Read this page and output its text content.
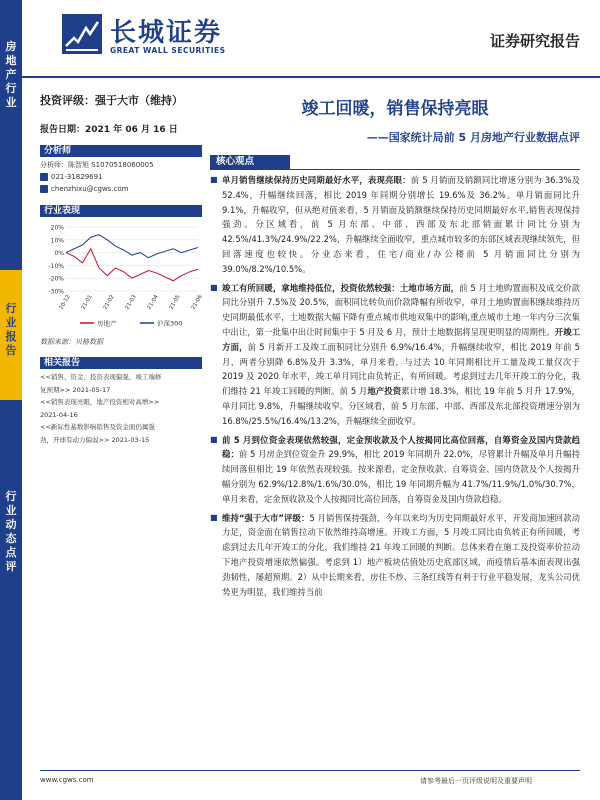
房地产行业
行业报告
行业动态点评
长城证券
GREAT WALL SECURITIES
证券研究报告
投资评级：强于大市（维持）
报告日期：2021 年 06 月 16 日
分析师
分析师：陈智旭 S1070518060005
021-31829691
chenzhixu@cgws.com
行业表现
20%
10%
0%
-10%
-20%
-30%
20-12 21-01 21-02 21-03 21-04 21-05 21-06
房地产	沪深300
数据来源：贝格数据
相关报告
<<销售、资金、投资表现偏强，竣工端修
复预期>> 2021-05-17
<<销售表现亮眼，地产投资相对高增>>
2021-04-16
<<新际性基数影响销售及资金面仍属强
劲，开球有动力偏弱>> 2021-03-15
竣工回暖，销售保持亮眼
——国家统计局前 5 月房地产行业数据点评
核心观点
■ 单月销售继续保持历史同期最好水平，表现亮眼：前 5 月销面及销额同比增速分别为 36.3%及 52.4%，升幅继续回落，相比 2019 年同期分别增长 19.6%及 36.2%。单月销面同比升 9.1%，升幅收窄，但从绝对值来看，5 月销面及销额继续保持历史同期最好水平,销售表现保持强劲。分区域看，前 5 月东部、中部、西部及东北部销面累计同比分别为 42.5%/41.3%/24.9%/22.2%，升幅继续全面收窄，重点城市较多的东部区域表现继续领先，但回落速度也较快。分业态来看，住宅/商业/办公楼前 5 月销面同比分别为 39.0%/8.2%/10.5%。
■ 竣工有所回暖，拿地维持低位，投资依然较强：土地市场方面，前 5 月土地购置面积及成交价款同比分别升 7.5%及 20.5%，面积同比转负而价款降幅有所收窄，单月土地购置面积继续维持历史同期最低水平，土地数据大幅下降有重点城市供地双集中的影响,重点城市土地一年内分三次集中出让，第一批集中出让时间集中于 5 月及 6 月，预计土地数据将呈现更明显的周期性。开竣工方面，前 5 月新开工及竣工面积同比分别升 6.9%/16.4%，升幅继续收窄，相比 2019 年前 5 月，两者分别降 6.8%及升 3.3%，单月来看，与过去 10 年同期相比开工量及竣工量仅次于 2019 及 2020 年水平，竣工单月同比由负转正，有所回暖。考虑到过去几年开竣工的分化，我们维持 21 年竣工回暖的判断。前 5 月地产投资累计增 18.3%，相比 19 年前 5 月升 17.9%，单月同比 9.8%，升幅继续收窄。分区域看，前 5 月东部、中部、西部及东北部投资增速分别为 16.8%/25.5%/16.4%/13.2%，升幅继续全面收窄。
■ 前 5 月到位资金表现依然较强，定金预收款及个人按揭同比高位回落，自筹资金及国内贷款趋稳：前 5 月房企到位资金升 29.9%，相比 2019 年同期升 22.0%，尽管累计升幅及单月升幅持续回落但相比 19 年依然表现较强。按来源看，定金预收款、自筹资金、国内贷款及个人按揭升幅分别为 62.9%/12.8%/1.6%/30.0%，相比 19 年同期升幅为 41.7%/11.9%/1.0%/30.7%，单月来看，定金预收款及个人按揭同比高位回落，自筹资金及国内贷款趋稳。
■ 维持“强于大市”评级：5 月销售保持强劲，今年以来均为历史同期最好水平，开发商加速回款动力足，资金面在销售拉动下依然维持高增速。开竣工方面，5 月竣工同比由负转正有所回暖，考虑到过去几年开竣工的分化，我们维持 21 年竣工回暖的判断。总体来看在施工及投资率价拉动下地产投资增速依然偏强。考虑到 1）地产板块估值处历史底部区域，而疫情后基本面表现出强劲韧性，屡超预期。2）从中长期来看，房住不炒、三条红线等有利于行业平稳发展，龙头公司优势更为明显，我们维持当前
www.cgws.com	请参考最后一页评级说明及重要声明
